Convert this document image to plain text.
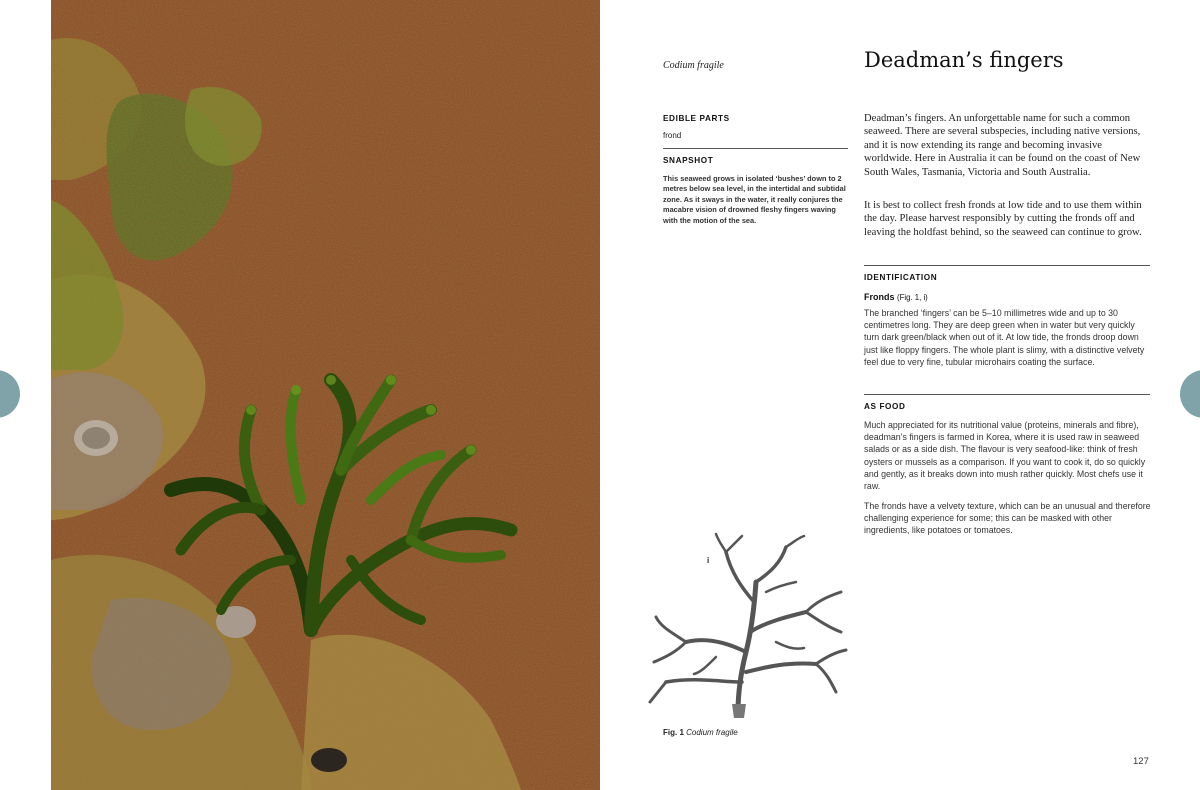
Codium fragile	Deadman’s fingers
EDIBLE PARTS
frond
SNAPSHOT
This seaweed grows in isolated ‘bushes’ down to 2 metres below sea level, in the intertidal and subtidal zone. As it sways in the water, it really conjures the macabre vision of drowned fleshy fingers waving with the motion of the sea.

Deadman’s fingers. An unforgettable name for such a common seaweed. There are several subspecies, including native versions, and it is now extending its range and becoming invasive worldwide. Here in Australia it can be found on the coast of New South Wales, Tasmania, Victoria and South Australia.

It is best to collect fresh fronds at low tide and to use them within the day. Please harvest responsibly by cutting the fronds off and leaving the holdfast behind, so the seaweed can continue to grow.

IDENTIFICATION
Fronds (Fig. 1, i)

The branched ‘fingers’ can be 5–10 millimetres wide and up to 30 centimetres long. They are deep green when in water but very quickly turn dark green/black when out of it. At low tide, the fronds droop down just like floppy fingers. The whole plant is slimy, with a distinctive velvety feel due to very fine, tubular microhairs coating the surface.

AS FOOD

Much appreciated for its nutritional value (proteins, minerals and fibre), deadman’s fingers is farmed in Korea, where it is used raw in seaweed salads or as a side dish. The flavour is very seafood-like: think of fresh oysters or mussels as a comparison. If you want to cook it, do so quickly and gently, as it breaks down into mush rather quickly. Most chefs use it raw.

The fronds have a velvety texture, which can be an unusual and therefore challenging experience for some; this can be masked with other ingredients, like potatoes or tomatoes.

i
Fig. 1 Codium fragile
127
